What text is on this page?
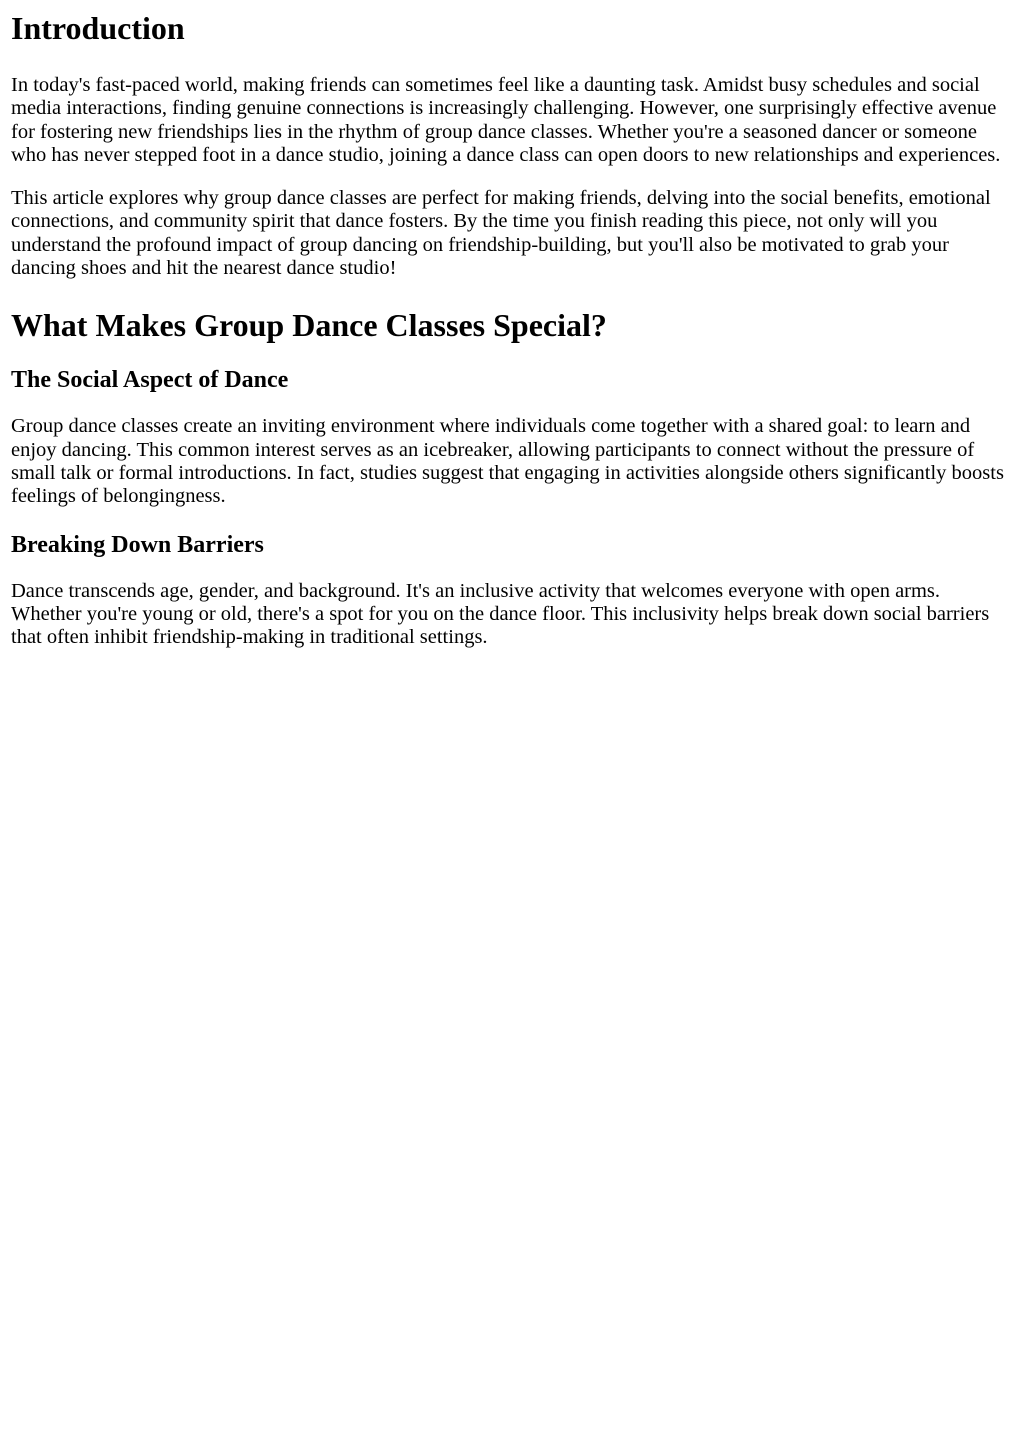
Introduction

In today's fast-paced world, making friends can sometimes feel like a daunting task. Amidst busy schedules and social media interactions, finding genuine connections is increasingly challenging. However, one surprisingly effective avenue for fostering new friendships lies in the rhythm of group dance classes. Whether you're a seasoned dancer or someone who has never stepped foot in a dance studio, joining a dance class can open doors to new relationships and experiences.

This article explores why group dance classes are perfect for making friends, delving into the social benefits, emotional connections, and community spirit that dance fosters. By the time you finish reading this piece, not only will you understand the profound impact of group dancing on friendship-building, but you'll also be motivated to grab your dancing shoes and hit the nearest dance studio!

What Makes Group Dance Classes Special?
The Social Aspect of Dance

Group dance classes create an inviting environment where individuals come together with a shared goal: to learn and enjoy dancing. This common interest serves as an icebreaker, allowing participants to connect without the pressure of small talk or formal introductions. In fact, studies suggest that engaging in activities alongside others significantly boosts feelings of belongingness.

Breaking Down Barriers

Dance transcends age, gender, and background. It's an inclusive activity that welcomes everyone with open arms. Whether you're young or old, there's a spot for you on the dance floor. This inclusivity helps break down social barriers that often inhibit friendship-making in traditional settings.
